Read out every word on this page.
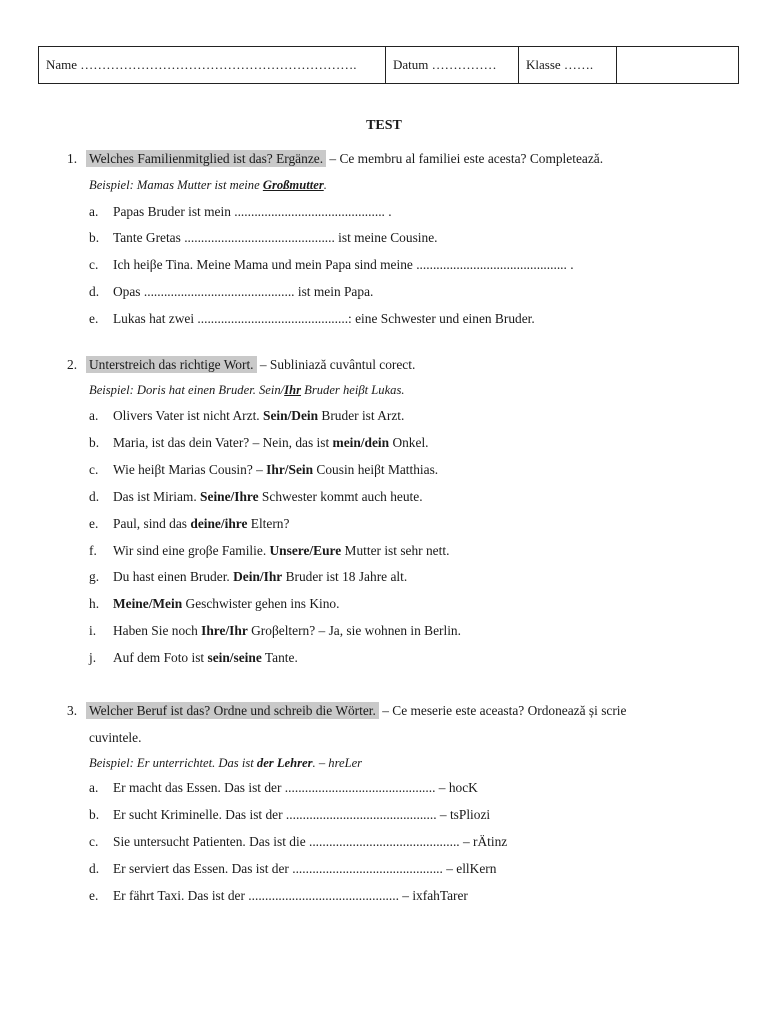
Name ……………………………………………………….	Datum ……………	Klasse …….	
TEST
1. Welches Familienmitglied ist das? Ergänze. – Ce membru al familiei este acesta? Completează.
Beispiel: Mamas Mutter ist meine Großmutter.
a. Papas Bruder ist mein ............................................. .
b. Tante Gretas ............................................. ist meine Cousine.
c. Ich heiβe Tina. Meine Mama und mein Papa sind meine ............................................. .
d. Opas ............................................. ist mein Papa.
e. Lukas hat zwei .............................................: eine Schwester und einen Bruder.
2. Unterstreich das richtige Wort. – Subliniază cuvântul corect.
Beispiel: Doris hat einen Bruder. Sein/Ihr Bruder heiβt Lukas.
a. Olivers Vater ist nicht Arzt. Sein/Dein Bruder ist Arzt.
b. Maria, ist das dein Vater? – Nein, das ist mein/dein Onkel.
c. Wie heiβt Marias Cousin? – Ihr/Sein Cousin heiβt Matthias.
d. Das ist Miriam. Seine/Ihre Schwester kommt auch heute.
e. Paul, sind das deine/ihre Eltern?
f. Wir sind eine groβe Familie. Unsere/Eure Mutter ist sehr nett.
g. Du hast einen Bruder. Dein/Ihr Bruder ist 18 Jahre alt.
h. Meine/Mein Geschwister gehen ins Kino.
i. Haben Sie noch Ihre/Ihr Groβeltern? – Ja, sie wohnen in Berlin.
j. Auf dem Foto ist sein/seine Tante.
3. Welcher Beruf ist das? Ordne und schreib die Wörter. – Ce meserie este aceasta? Ordonează și scrie
cuvintele.
Beispiel: Er unterrichtet. Das ist der Lehrer. – hreLer
a. Er macht das Essen. Das ist der ............................................. – hocK
b. Er sucht Kriminelle. Das ist der ............................................. – tsPliozi
c. Sie untersucht Patienten. Das ist die ............................................. – rÄtinz
d. Er serviert das Essen. Das ist der ............................................. – ellKern
e. Er fährt Taxi. Das ist der ............................................. – ixfahTarer
